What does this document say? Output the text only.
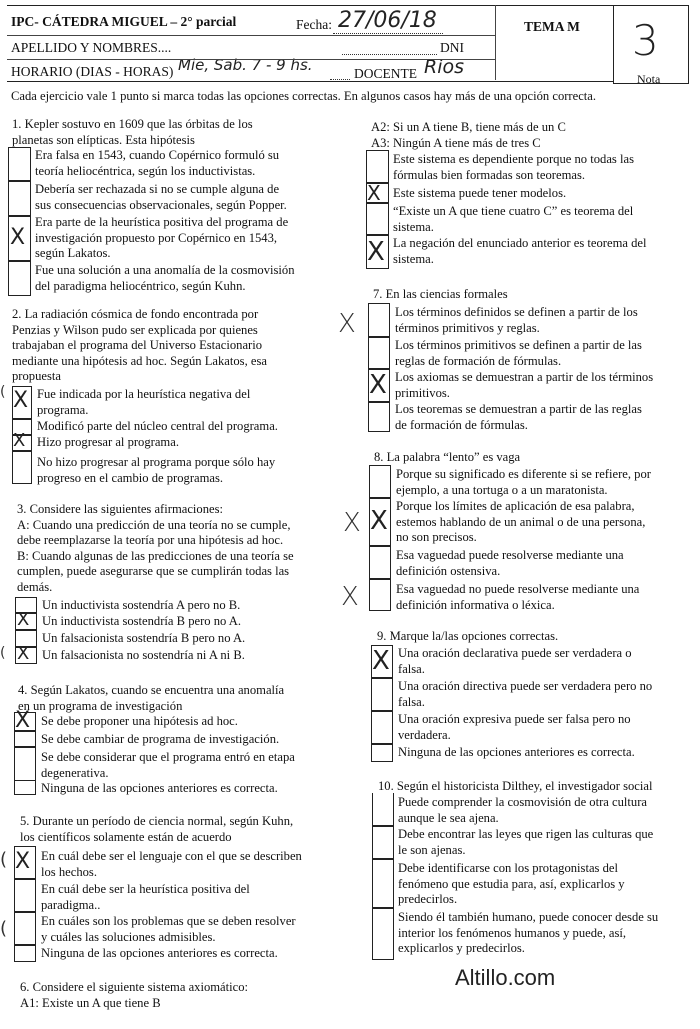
IPC- CÁTEDRA MIGUEL – 2° parcial	Fecha: 27/06/18	TEMA M
APELLIDO Y NOMBRES....	DNI
HORARIO (DIAS - HORAS) Mie, Sab. 7 - 9 hs.	DOCENTE Rios
3
Nota
Cada ejercicio vale 1 punto si marca todas las opciones correctas. En algunos casos hay más de una opción correcta.
1. Kepler sostuvo en 1609 que las órbitas de los
planetas son elípticas. Esta hipótesis
X
Era falsa en 1543, cuando Copérnico formuló su
teoría heliocéntrica, según los inductivistas.
Debería ser rechazada si no se cumple alguna de
sus consecuencias observacionales, según Popper.
Era parte de la heurística positiva del programa de
investigación propuesto por Copérnico en 1543,
según Lakatos.
Fue una solución a una anomalía de la cosmovisión
del paradigma heliocéntrico, según Kuhn.
2. La radiación cósmica de fondo encontrada por
Penzias y Wilson pudo ser explicada por quienes
trabajaban el programa del Universo Estacionario
mediante una hipótesis ad hoc. Según Lakatos, esa
propuesta
X
X
(	Fue indicada por la heurística negativa del
programa.
Modificó parte del núcleo central del programa.
Hizo progresar al programa.
No hizo progresar al programa porque sólo hay
progreso en el cambio de programas.
3. Considere las siguientes afirmaciones:
A: Cuando una predicción de una teoría no se cumple,
debe reemplazarse la teoría por una hipótesis ad hoc.
B: Cuando algunas de las predicciones de una teoría se
cumplen, puede asegurarse que se cumplirán todas las
demás.
X
X
(
Un inductivista sostendría A pero no B.
Un inductivista sostendría B pero no A.
Un falsacionista sostendría B pero no A.
Un falsacionista no sostendría ni A ni B.
4. Según Lakatos, cuando se encuentra una anomalía
en un programa de investigación
X Se debe proponer una hipótesis ad hoc.
Se debe cambiar de programa de investigación.
Se debe considerar que el programa entró en etapa
degenerativa.
Ninguna de las opciones anteriores es correcta.
5. Durante un período de ciencia normal, según Kuhn,
los científicos solamente están de acuerdo
X
(
(
En cuál debe ser el lenguaje con el que se describen
los hechos.
En cuál debe ser la heurística positiva del
paradigma..
En cuáles son los problemas que se deben resolver
y cuáles las soluciones admisibles.
Ninguna de las opciones anteriores es correcta.
6. Considere el siguiente sistema axiomático:
A1: Existe un A que tiene B
A2: Si un A tiene B, tiene más de un C
A3: Ningún A tiene más de tres C
X
X
Este sistema es dependiente porque no todas las
fórmulas bien formadas son teoremas.
Este sistema puede tener modelos.
“Existe un A que tiene cuatro C” es teorema del
sistema.
La negación del enunciado anterior es teorema del
sistema.
7. En las ciencias formales
X
X	Los términos definidos se definen a partir de los
términos primitivos y reglas.
Los términos primitivos se definen a partir de las
reglas de formación de fórmulas.
Los axiomas se demuestran a partir de los términos
primitivos.
Los teoremas se demuestran a partir de las reglas
de formación de fórmulas.
8. La palabra “lento” es vaga
X
X
X
Porque su significado es diferente si se refiere, por
ejemplo, a una tortuga o a un maratonista.
Porque los límites de aplicación de esa palabra,
estemos hablando de un animal o de una persona,
no son precisos.
Esa vaguedad puede resolverse mediante una
definición ostensiva.
Esa vaguedad no puede resolverse mediante una
definición informativa o léxica.
9. Marque la/las opciones correctas.
X Una oración declarativa puede ser verdadera o
falsa.
Una oración directiva puede ser verdadera pero no
falsa.
Una oración expresiva puede ser falsa pero no
verdadera.
Ninguna de las opciones anteriores es correcta.
10. Según el historicista Dilthey, el investigador social
Puede comprender la cosmovisión de otra cultura
aunque le sea ajena.
Debe encontrar las leyes que rigen las culturas que
le son ajenas.
Debe identificarse con los protagonistas del
fenómeno que estudia para, así, explicarlos y
predecirlos.
Siendo él también humano, puede conocer desde su
interior los fenómenos humanos y puede, así,
explicarlos y predecirlos.
Altillo.com
